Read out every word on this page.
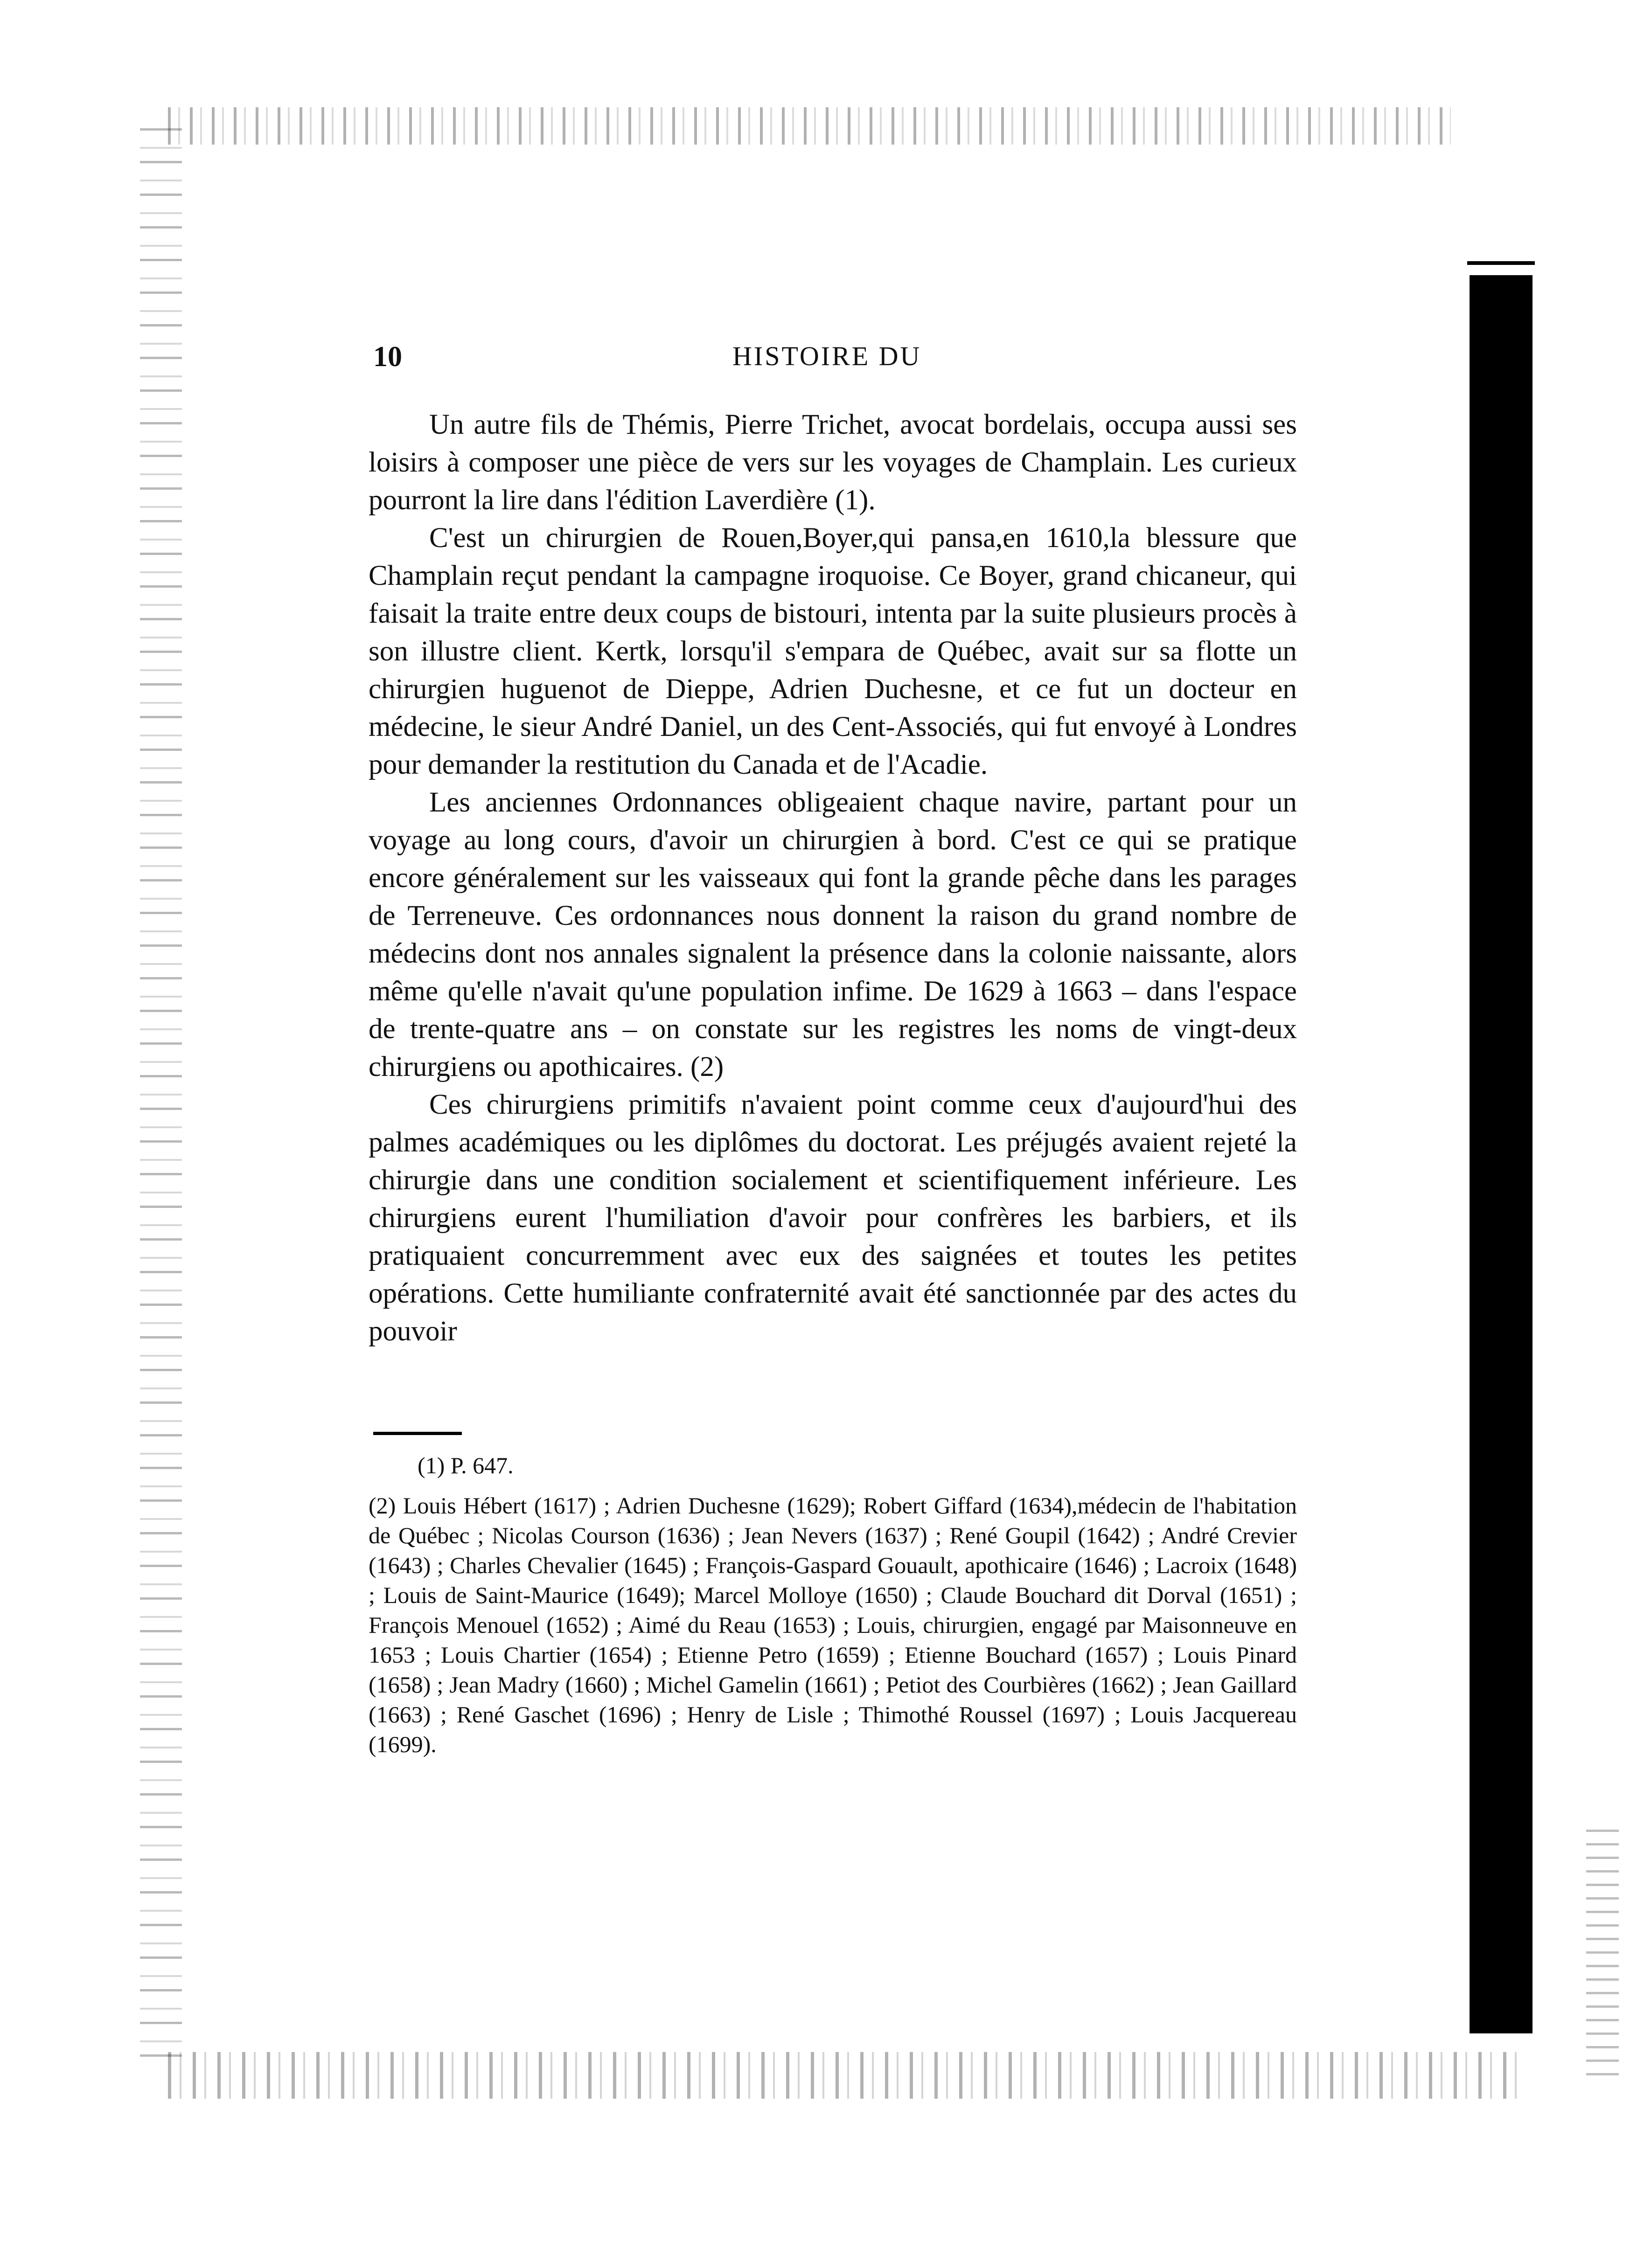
10	HISTOIRE DU

Un autre fils de Thémis, Pierre Trichet, avocat bordelais, occupa aussi ses loisirs à composer une pièce de vers sur les voyages de Champlain. Les curieux pourront la lire dans l'édition Laverdière (1).

C'est un chirurgien de Rouen,Boyer,qui pansa,en 1610,la blessure que Champlain reçut pendant la campagne iroquoise. Ce Boyer, grand chicaneur, qui faisait la traite entre deux coups de bistouri, intenta par la suite plusieurs procès à son illustre client. Kertk, lorsqu'il s'empara de Québec, avait sur sa flotte un chirurgien huguenot de Dieppe, Adrien Duchesne, et ce fut un docteur en médecine, le sieur André Daniel, un des Cent-Associés, qui fut envoyé à Londres pour demander la restitution du Canada et de l'Acadie.

Les anciennes Ordonnances obligeaient chaque navire, partant pour un voyage au long cours, d'avoir un chirurgien à bord. C'est ce qui se pratique encore généralement sur les vaisseaux qui font la grande pêche dans les parages de Terreneuve. Ces ordonnances nous donnent la raison du grand nombre de médecins dont nos annales signalent la présence dans la colonie naissante, alors même qu'elle n'avait qu'une population infime. De 1629 à 1663 – dans l'espace de trente-quatre ans – on constate sur les registres les noms de vingt-deux chirurgiens ou apothicaires. (2)

Ces chirurgiens primitifs n'avaient point comme ceux d'aujourd'hui des palmes académiques ou les diplômes du doctorat. Les préjugés avaient rejeté la chirurgie dans une condition socialement et scientifiquement inférieure. Les chirurgiens eurent l'humiliation d'avoir pour confrères les barbiers, et ils pratiquaient concurremment avec eux des saignées et toutes les petites opérations. Cette humiliante confraternité avait été sanctionnée par des actes du pouvoir

(1) P. 647.

(2) Louis Hébert (1617) ; Adrien Duchesne (1629); Robert Giffard (1634),médecin de l'habitation de Québec ; Nicolas Courson (1636) ; Jean Nevers (1637) ; René Goupil (1642) ; André Crevier (1643) ; Charles Chevalier (1645) ; François-Gaspard Gouault, apothicaire (1646) ; Lacroix (1648) ; Louis de Saint-Maurice (1649); Marcel Molloye (1650) ; Claude Bouchard dit Dorval (1651) ; François Menouel (1652) ; Aimé du Reau (1653) ; Louis, chirurgien, engagé par Maisonneuve en 1653 ; Louis Chartier (1654) ; Etienne Petro (1659) ; Etienne Bouchard (1657) ; Louis Pinard (1658) ; Jean Madry (1660) ; Michel Gamelin (1661) ; Petiot des Courbières (1662) ; Jean Gaillard (1663) ; René Gaschet (1696) ; Henry de Lisle ; Thimothé Roussel (1697) ; Louis Jacquereau (1699).
